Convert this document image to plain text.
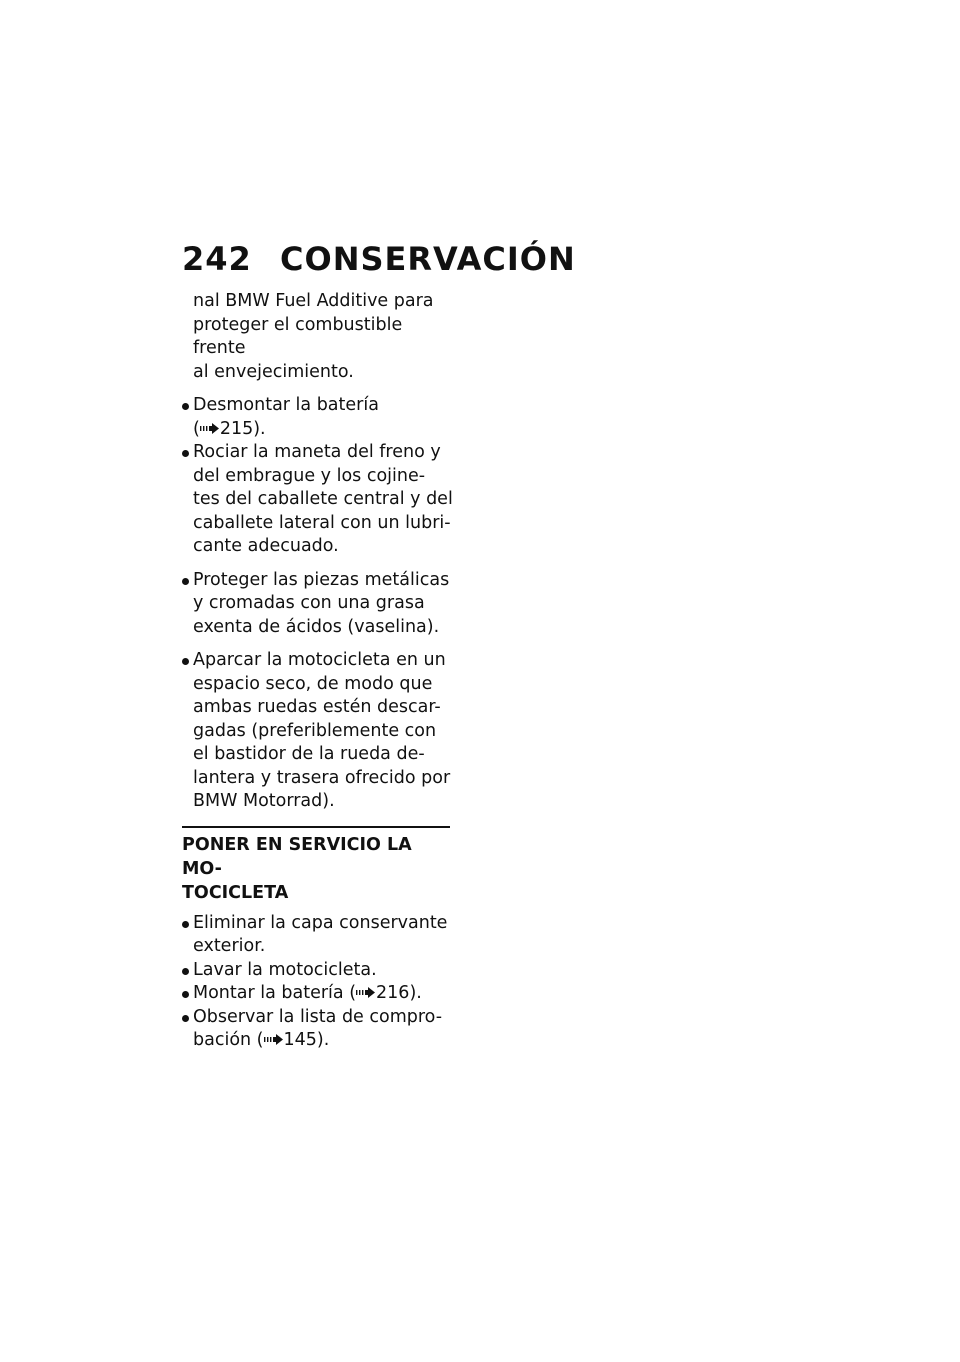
242 CONSERVACIÓN
nal BMW Fuel Additive para
proteger el combustible frente
al envejecimiento.
Desmontar la batería
( 215).
Rociar la maneta del freno y
del embrague y los cojine-
tes del caballete central y del
caballete lateral con un lubri-
cante adecuado.
Proteger las piezas metálicas
y cromadas con una grasa
exenta de ácidos (vaselina).
Aparcar la motocicleta en un
espacio seco, de modo que
ambas ruedas estén descar-
gadas (preferiblemente con
el bastidor de la rueda de-
lantera y trasera ofrecido por
BMW Motorrad).
PONER EN SERVICIO LA MO-
TOCICLETA
Eliminar la capa conservante
exterior.
Lavar la motocicleta.
Montar la batería ( 216).
Observar la lista de compro-
bación ( 145).
